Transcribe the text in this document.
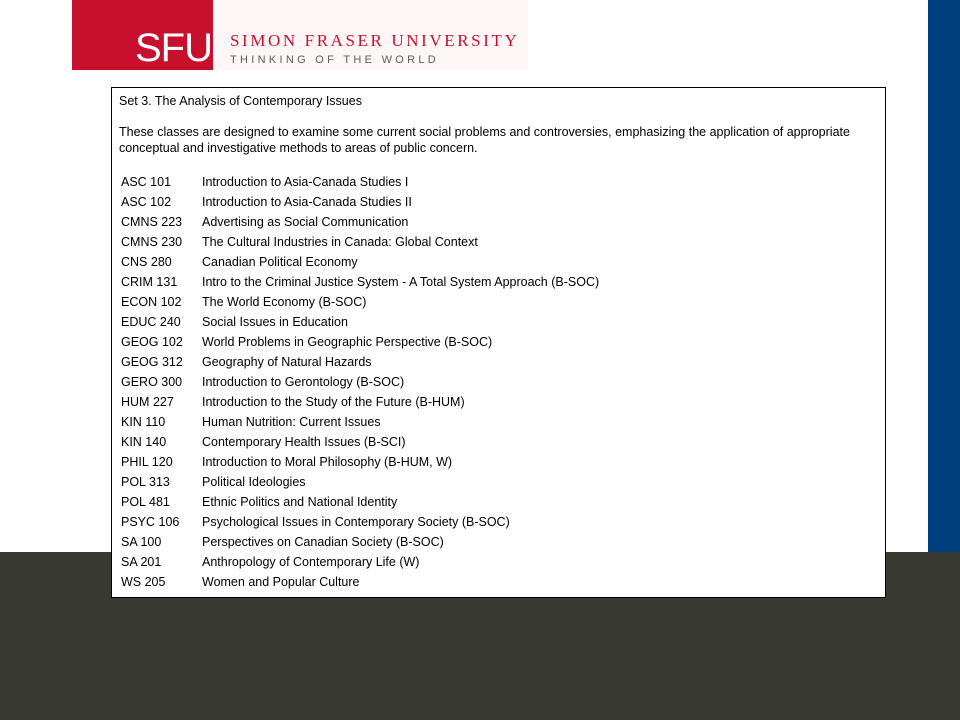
SFU SIMON FRASER UNIVERSITY
THINKING OF THE WORLD
Set 3. The Analysis of Contemporary Issues
These classes are designed to examine some current social problems and controversies, emphasizing the application of appropriate conceptual and investigative methods to areas of public concern.
ASC 101 Introduction to Asia-Canada Studies I
ASC 102 Introduction to Asia-Canada Studies II
CMNS 223 Advertising as Social Communication
CMNS 230 The Cultural Industries in Canada: Global Context
CNS 280 Canadian Political Economy
CRIM 131 Intro to the Criminal Justice System - A Total System Approach (B-SOC)
ECON 102 The World Economy (B-SOC)
EDUC 240 Social Issues in Education
GEOG 102 World Problems in Geographic Perspective (B-SOC)
GEOG 312 Geography of Natural Hazards
GERO 300 Introduction to Gerontology (B-SOC)
HUM 227 Introduction to the Study of the Future (B-HUM)
KIN 110	Human Nutrition: Current Issues
KIN 140	Contemporary Health Issues (B-SCI)
PHIL 120 Introduction to Moral Philosophy (B-HUM, W)
POL 313	Political Ideologies
POL 481	Ethnic Politics and National Identity
PSYC 106 Psychological Issues in Contemporary Society (B-SOC)
SA 100	Perspectives on Canadian Society (B-SOC)
SA 201	Anthropology of Contemporary Life (W)
WS 205	Women and Popular Culture
